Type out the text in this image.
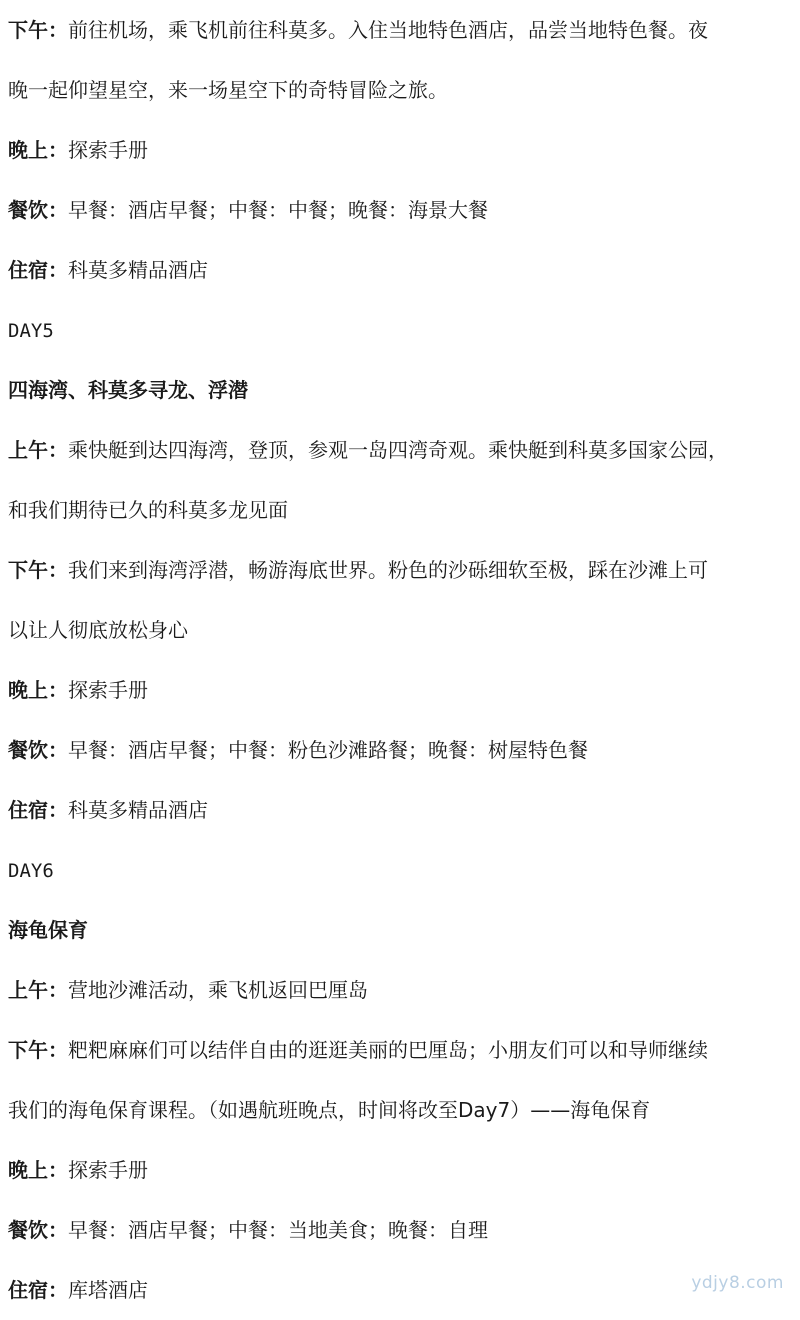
下午：前往机场，乘飞机前往科莫多。入住当地特色酒店，品尝当地特色餐。夜
晚一起仰望星空，来一场星空下的奇特冒险之旅。
晚上：探索手册
餐饮：早餐：酒店早餐；中餐：中餐；晚餐：海景大餐
住宿：科莫多精品酒店
DAY5
四海湾、科莫多寻龙、浮潜
上午：乘快艇到达四海湾，登顶，参观一岛四湾奇观。乘快艇到科莫多国家公园，
和我们期待已久的科莫多龙见面
下午：我们来到海湾浮潜，畅游海底世界。粉色的沙砾细软至极，踩在沙滩上可
以让人彻底放松身心
晚上：探索手册
餐饮：早餐：酒店早餐；中餐：粉色沙滩路餐；晚餐：树屋特色餐
住宿：科莫多精品酒店
DAY6
海龟保育
上午：营地沙滩活动，乘飞机返回巴厘岛
下午：粑粑麻麻们可以结伴自由的逛逛美丽的巴厘岛；小朋友们可以和导师继续
我们的海龟保育课程。（如遇航班晚点，时间将改至Day7）——海龟保育
晚上：探索手册
餐饮：早餐：酒店早餐；中餐：当地美食；晚餐：自理
住宿：库塔酒店	ydjy8.com
